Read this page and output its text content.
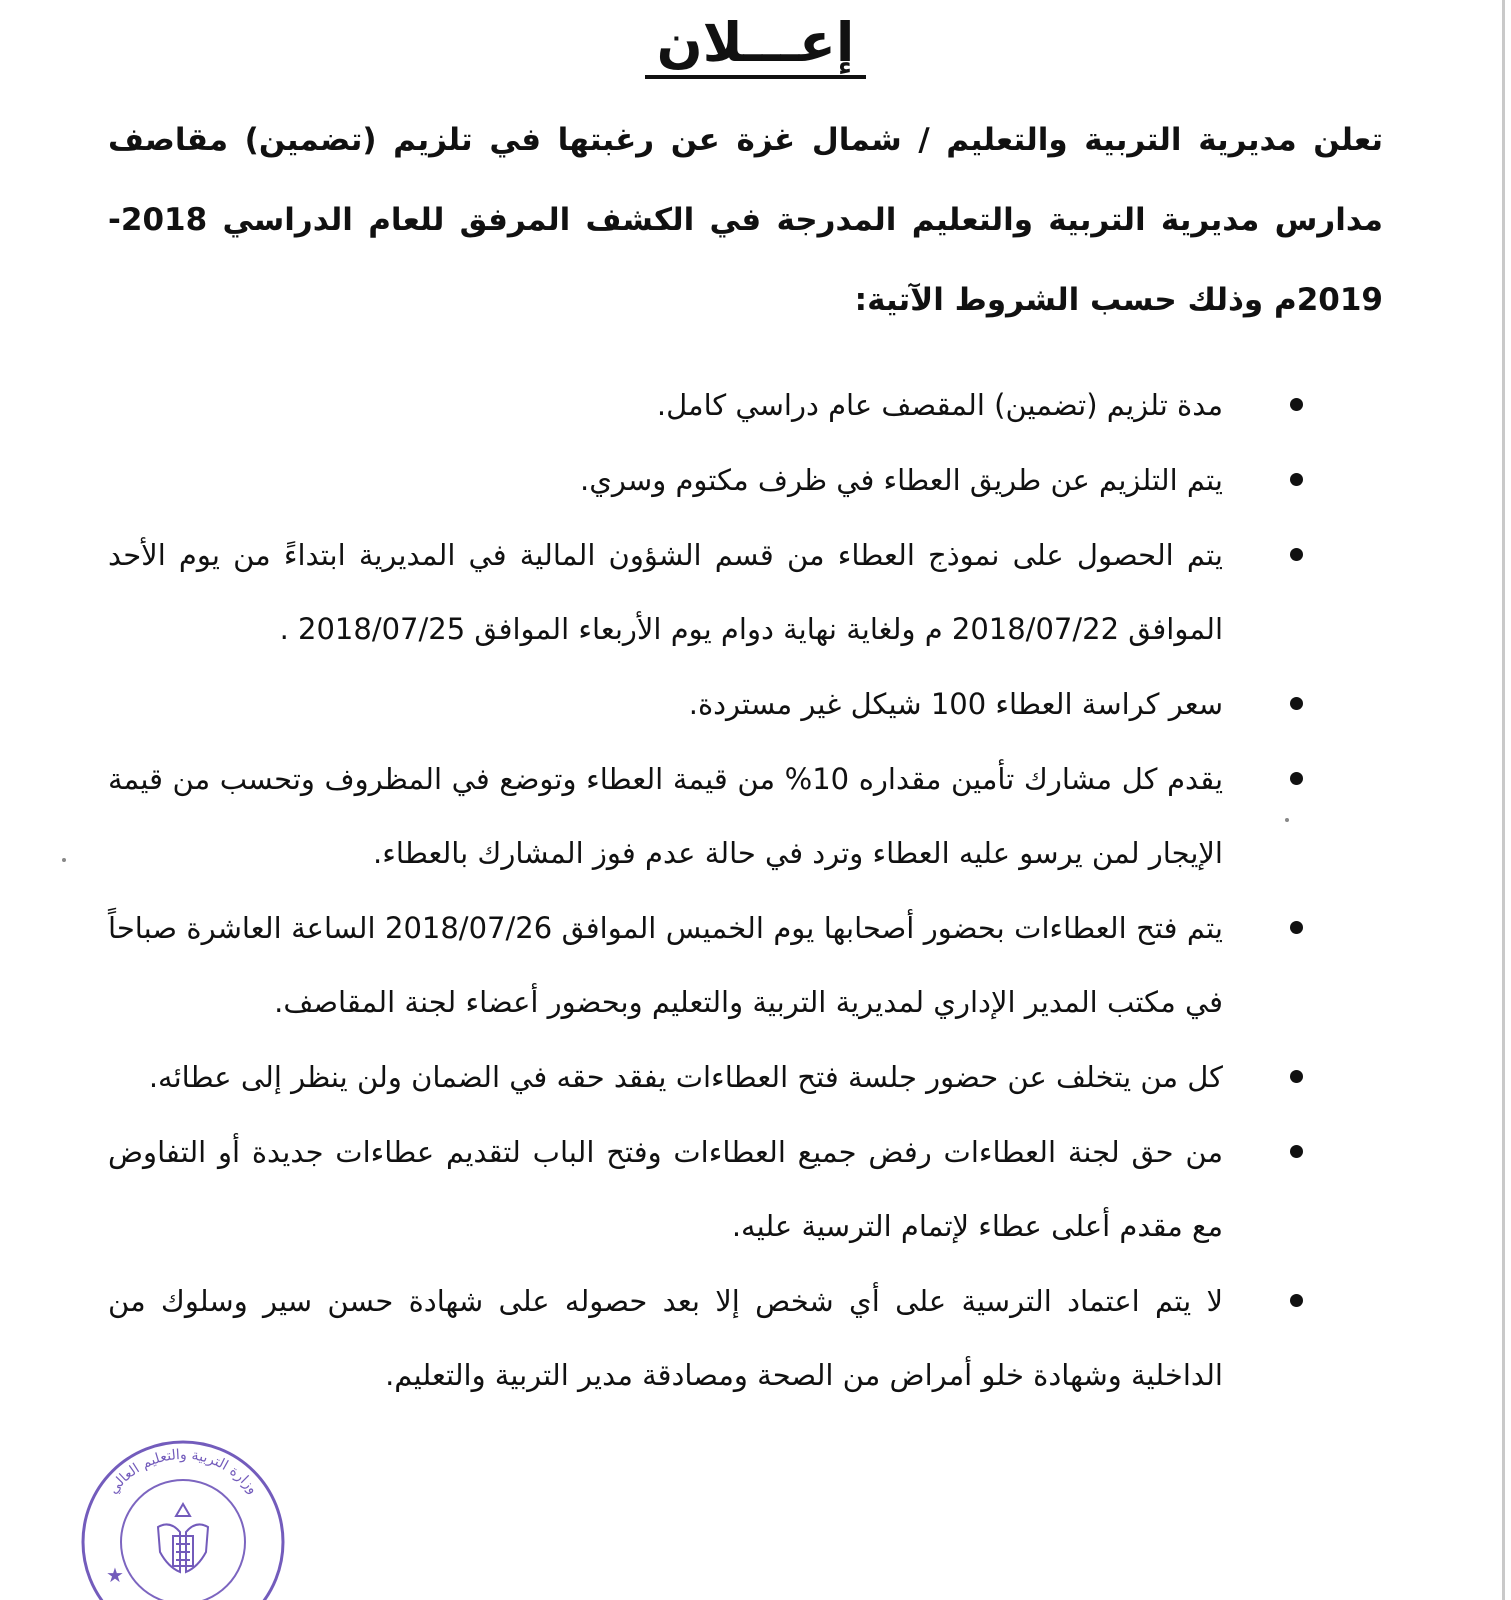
إعـــلان

تعلن مديرية التربية والتعليم / شمال غزة عن رغبتها في تلزيم (تضمين) مقاصف مدارس مديرية التربية والتعليم المدرجة في الكشف المرفق للعام الدراسي 2018- 2019م وذلك حسب الشروط الآتية:

مدة تلزيم (تضمين) المقصف عام دراسي كامل.
يتم التلزيم عن طريق العطاء في ظرف مكتوم وسري.
يتم الحصول على نموذج العطاء من قسم الشؤون المالية في المديرية ابتداءً من يوم الأحد الموافق 2018/07/22 م ولغاية نهاية دوام يوم الأربعاء الموافق 2018/07/25 .
سعر كراسة العطاء 100 شيكل غير مستردة.
يقدم كل مشارك تأمين مقداره 10% من قيمة العطاء وتوضع في المظروف وتحسب من قيمة الإيجار لمن يرسو عليه العطاء وترد في حالة عدم فوز المشارك بالعطاء.
يتم فتح العطاءات بحضور أصحابها يوم الخميس الموافق 2018/07/26 الساعة العاشرة صباحاً في مكتب المدير الإداري لمديرية التربية والتعليم وبحضور أعضاء لجنة المقاصف.
كل من يتخلف عن حضور جلسة فتح العطاءات يفقد حقه في الضمان ولن ينظر إلى عطائه.
من حق لجنة العطاءات رفض جميع العطاءات وفتح الباب لتقديم عطاءات جديدة أو التفاوض مع مقدم أعلى عطاء لإتمام الترسية عليه.
لا يتم اعتماد الترسية على أي شخص إلا بعد حصوله على شهادة حسن سير وسلوك من الداخلية وشهادة خلو أمراض من الصحة ومصادقة مدير التربية والتعليم.
وزارة التربية والتعليم العالي
★
